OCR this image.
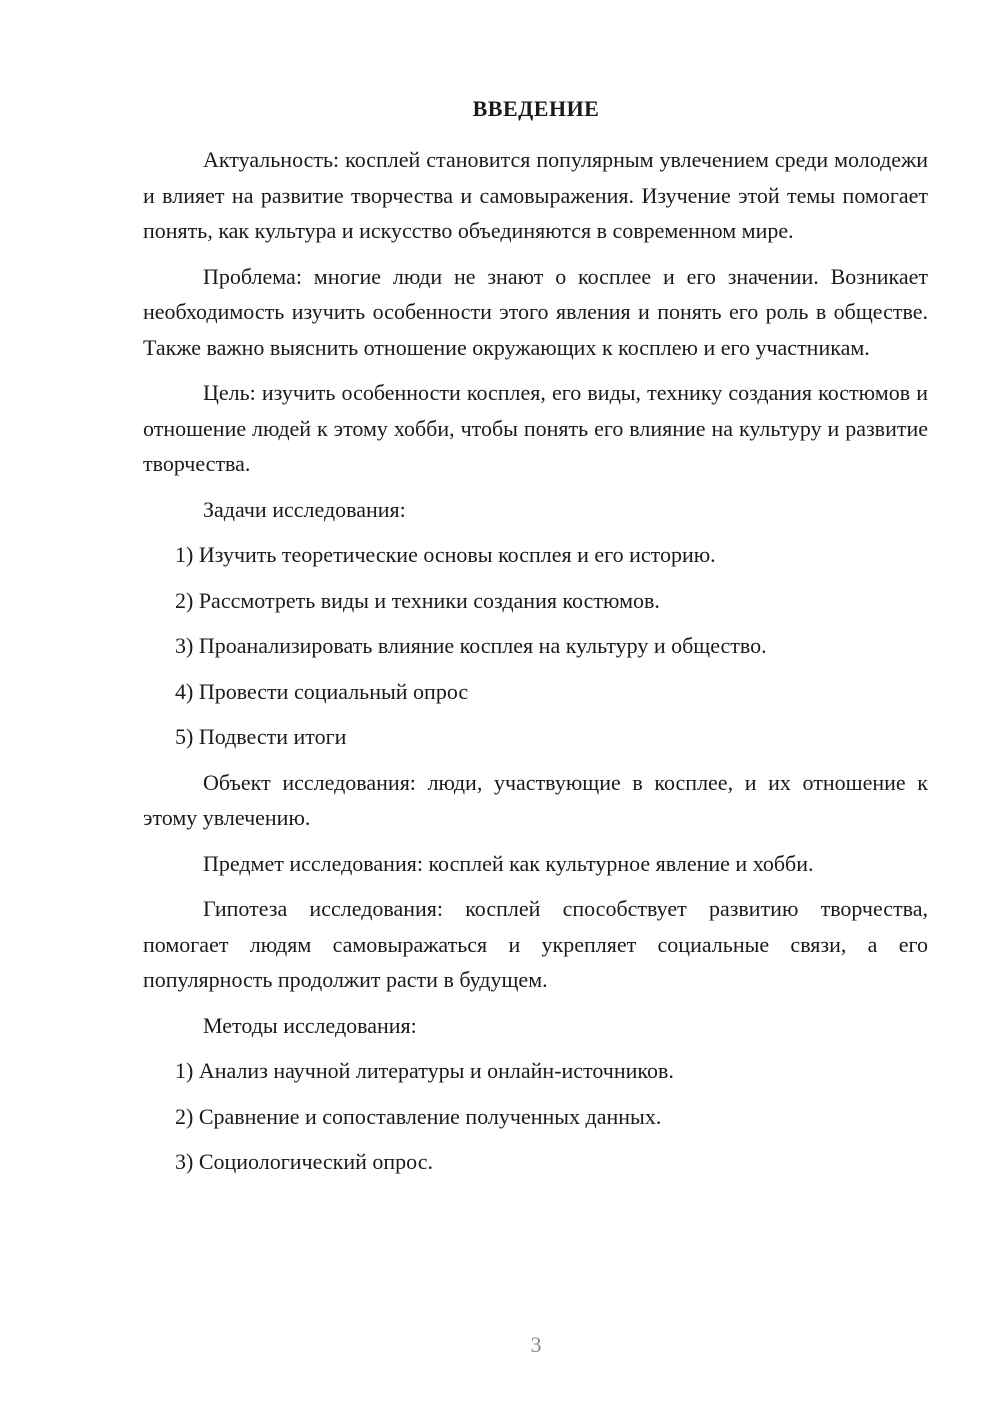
ВВЕДЕНИЕ

Актуальность: косплей становится популярным увлечением среди молодежи и влияет на развитие творчества и самовыражения. Изучение этой темы помогает понять, как культура и искусство объединяются в современном мире.

Проблема: многие люди не знают о косплее и его значении. Возникает необходимость изучить особенности этого явления и понять его роль в обществе. Также важно выяснить отношение окружающих к косплею и его участникам.

Цель: изучить особенности косплея, его виды, технику создания костюмов и отношение людей к этому хобби, чтобы понять его влияние на культуру и развитие творчества.

Задачи исследования:
1) Изучить теоретические основы косплея и его историю.
2) Рассмотреть виды и техники создания костюмов.
3) Проанализировать влияние косплея на культуру и общество.
4) Провести социальный опрос
5) Подвести итоги

Объект исследования: люди, участвующие в косплее, и их отношение к этому увлечению.

Предмет исследования: косплей как культурное явление и хобби.

Гипотеза исследования: косплей способствует развитию творчества, помогает людям самовыражаться и укрепляет социальные связи, а его популярность продолжит расти в будущем.

Методы исследования:
1) Анализ научной литературы и онлайн-источников.
2) Сравнение и сопоставление полученных данных.
3) Социологический опрос.
3
